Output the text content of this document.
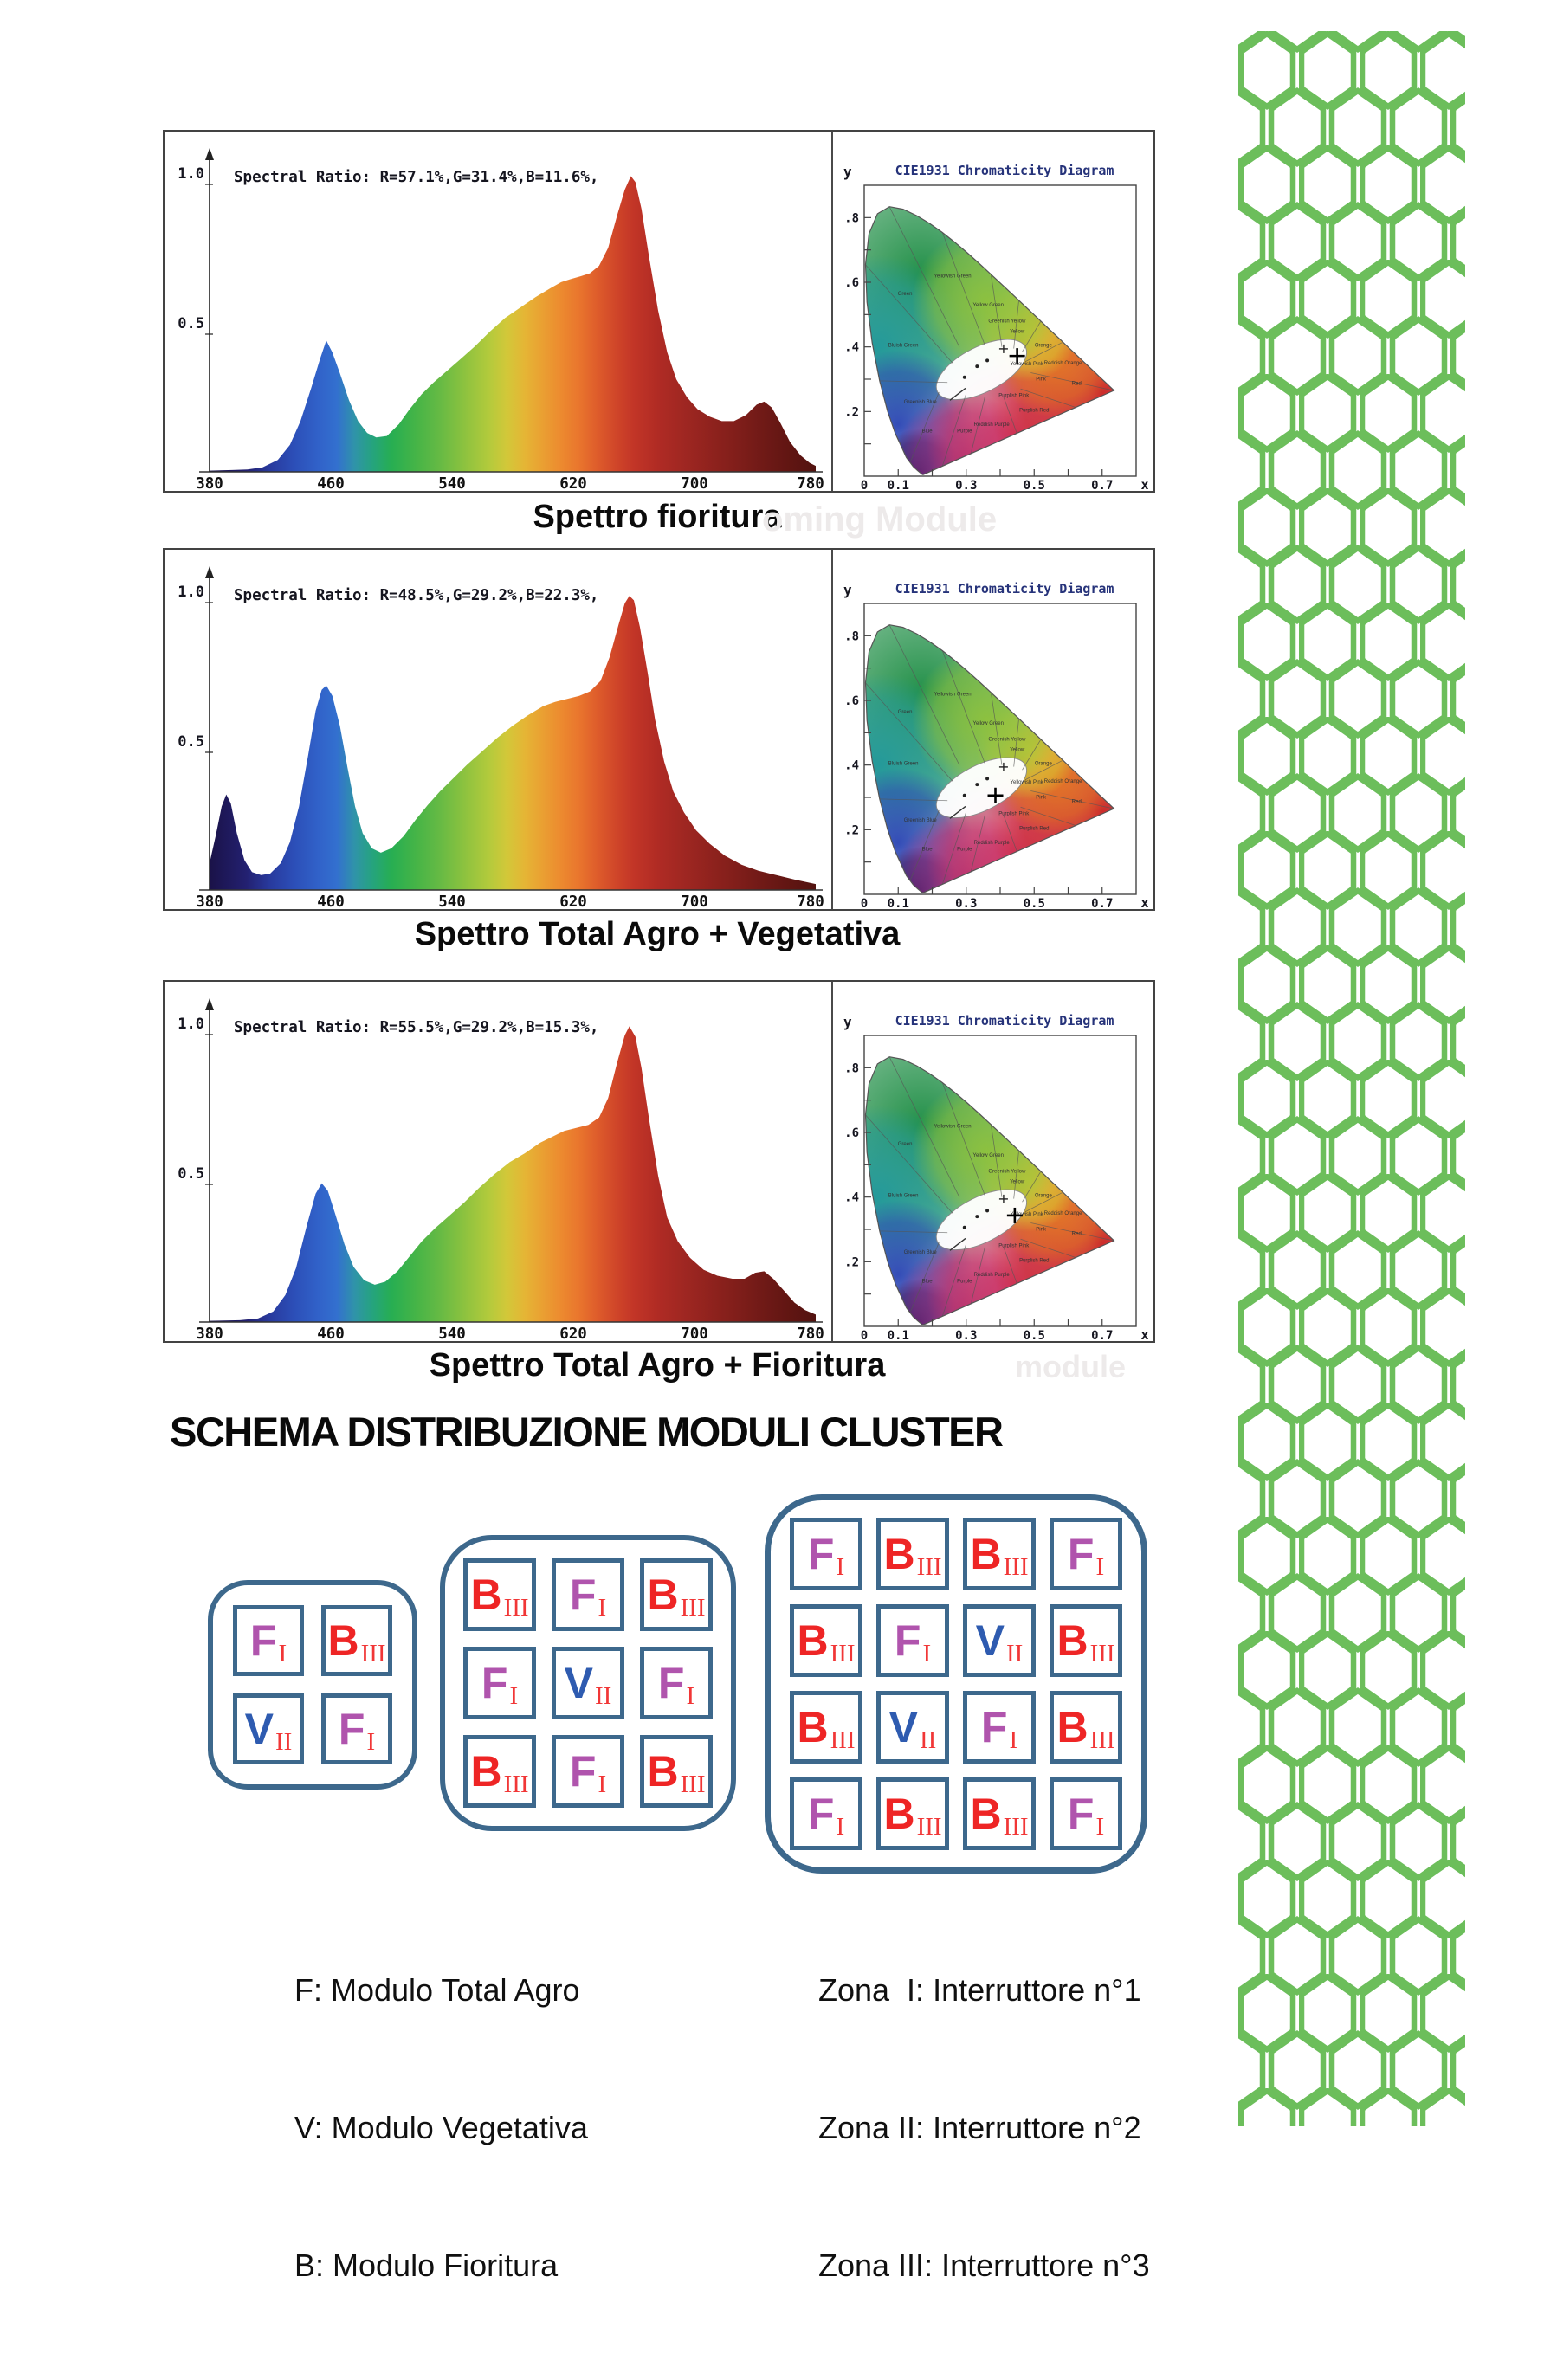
1.0
0.5
Spectral Ratio: R=57.1%,G=31.4%,B=11.6%,
380	460	540	620	700	780
y	CIE1931 Chromaticity Diagram
.8
.6
.4
.2
0 0.1	0.3	0.5	0.7 x
Green
Yellowish Green
Yellow Green
Greenish Yellow
Yellow
Orange
Yellowish Pink Reddish Orange
Red
Pink
Purplish Pink
Purplish Red
Reddish Purple
Purple
Blue
Greenish Blue
Bluish Green
Spettro fioritura
oming Module
1.0
0.5
Spectral Ratio: R=48.5%,G=29.2%,B=22.3%,
380	460	540	620	700	780
y	CIE1931 Chromaticity Diagram
.8
.6
.4
.2
0 0.1	0.3	0.5	0.7 x
Green
Yellowish Green
Yellow Green
Greenish Yellow
Yellow
Orange
Yellowish Pink Reddish Orange
Red
Pink
Purplish Pink
Purplish Red
Reddish Purple
Purple
Blue
Greenish Blue
Bluish Green
Spettro Total Agro + Vegetativa
1.0
0.5
Spectral Ratio: R=55.5%,G=29.2%,B=15.3%,
380	460	540	620	700	780
y	CIE1931 Chromaticity Diagram
.8
.6
.4
.2
0 0.1	0.3	0.5	0.7 x
Green
Yellowish Green
Yellow Green
Greenish Yellow
Yellow
Orange
Yellowish Pink Reddish Orange
Red
Pink
Purplish Pink
Purplish Red
Reddish Purple
Purple
Blue
Greenish Blue
Bluish Green
Spettro Total Agro + Fioritura	module
SCHEMA DISTRIBUZIONE MODULI CLUSTER
F I B III
V II F I
B III F I B III
F I V II F I
B III F I B III
F I B III B III F I
B III F I V II B III
B III V II F I B III
F I B III B III F I

F: Modulo Total Agro

V: Modulo Vegetativa

B: Modulo Fioritura

Zona  I: Interruttore n°1

Zona II: Interruttore n°2

Zona III: Interruttore n°3
